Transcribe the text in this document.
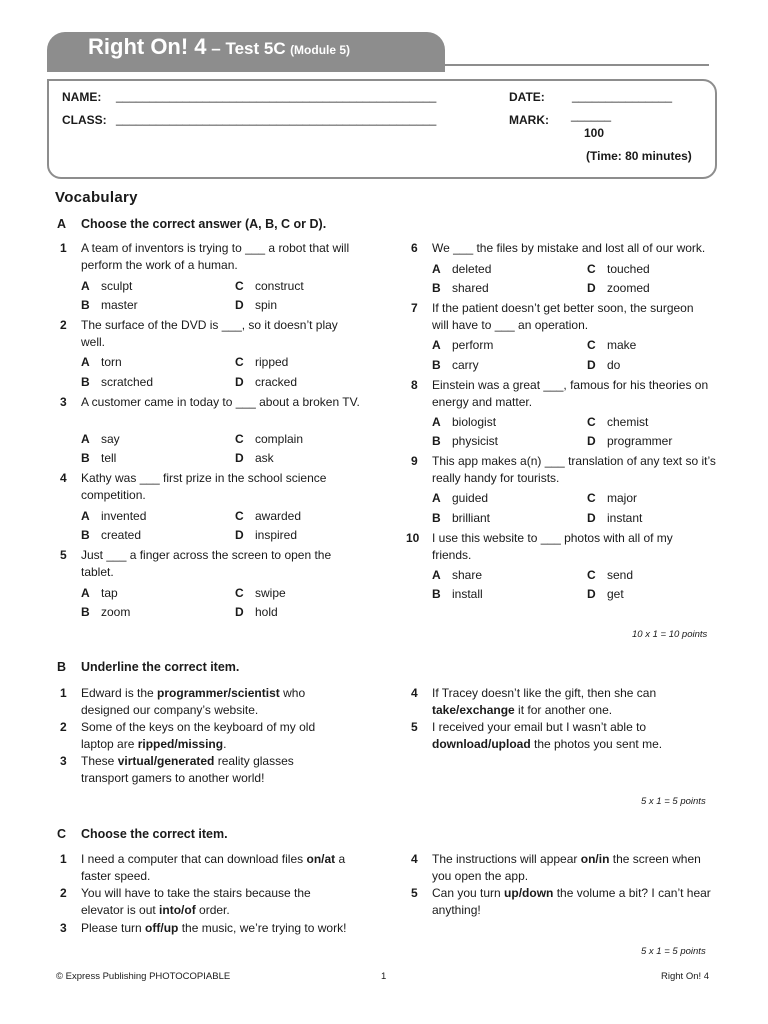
Right On! 4 – Test 5C (Module 5)
NAME: ________________________________________________
CLASS: ________________________________________________
DATE: _______________
MARK: ______
100
(Time: 80 minutes)
Vocabulary
A Choose the correct answer (A, B, C or D).
1	A team of inventors is trying to ___ a robot that will perform the work of a human.
A sculpt	C construct
B master	D spin
2	The surface of the DVD is ___, so it doesn’t play well.
A torn	C ripped
B scratched	D cracked
3	A customer came in today to ___ about a broken TV.
A say	C complain
B tell	D ask
4	Kathy was ___ first prize in the school science competition.
A invented	C awarded
B created	D inspired
5	Just ___ a finger across the screen to open the tablet.
A tap	C swipe
B zoom	D hold
6	We ___ the files by mistake and lost all of our work.
A deleted	C touched
B shared	D zoomed
7	If the patient doesn’t get better soon, the surgeon will have to ___ an operation.
A perform	C make
B carry	D do
8	Einstein was a great ___, famous for his theories on energy and matter.
A biologist	C chemist
B physicist	D programmer
9	This app makes a(n) ___ translation of any text so it’s really handy for tourists.
A guided	C major
B brilliant	D instant
10	I use this website to ___ photos with all of my friends.
A share	C send
B install	D get
10 x 1 = 10 points
B Underline the correct item.
1	Edward is the programmer/scientist who designed our company’s website.
2	Some of the keys on the keyboard of my old laptop are ripped/missing.
3	These virtual/generated reality glasses transport gamers to another world!
4	If Tracey doesn’t like the gift, then she can take/exchange it for another one.
5	I received your email but I wasn’t able to download/upload the photos you sent me.
5 x 1 = 5 points
C Choose the correct item.
1	I need a computer that can download files on/at a faster speed.
2	You will have to take the stairs because the elevator is out into/of order.
3	Please turn off/up the music, we’re trying to work!
4	The instructions will appear on/in the screen when you open the app.
5	Can you turn up/down the volume a bit? I can’t hear anything!
5 x 1 = 5 points
© Express Publishing PHOTOCOPIABLE	1	Right On! 4
